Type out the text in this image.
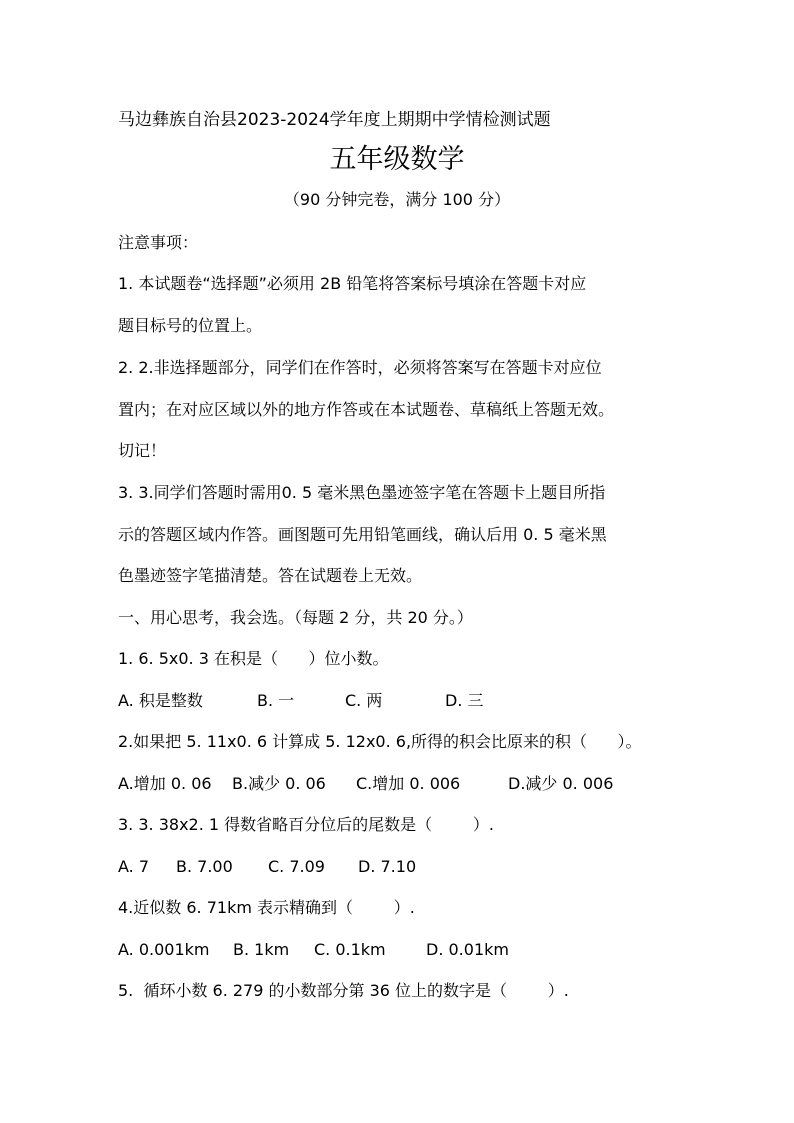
马边彝族自治县2023-2024学年度上期期中学情检测试题
五年级数学
（90 分钟完卷，满分 100 分）
注意事项：
1. 本试题卷“选择题”必须用 2B 铅笔将答案标号填涂在答题卡对应
题目标号的位置上。
2. 2.非选择题部分，同学们在作答时，必须将答案写在答题卡对应位
置内；在对应区域以外的地方作答或在本试题卷、草稿纸上答题无效。
切记！
3. 3.同学们答题时需用0. 5 毫米黑色墨迹签字笔在答题卡上题目所指
示的答题区域内作答。画图题可先用铅笔画线，确认后用 0. 5 毫米黑
色墨迹签字笔描清楚。答在试题卷上无效。
一、用心思考，我会选。（每题 2 分，共 20 分。）
1. 6. 5x0. 3 在积是（      ）位小数。

A. 积是整数

	B. 一

	C. 两

	D. 三

2.如果把 5. 11x0. 6 计算成 5. 12x0. 6,所得的积会比原来的积（      ）。

A.增加 0. 06

B.减少 0. 06

C.增加 0. 006

	D.减少 0. 006

3. 3. 38x2. 1 得数省略百分位后的尾数是（        ）.

A. 7

B. 7.00

C. 7.09

D. 7.10

4.近似数 6. 71km 表示精确到（        ）.

A. 0.001km

B. 1km

C. 0.1km

	D. 0.01km

5.  循环小数 6. 279 的小数部分第 36 位上的数字是（        ）.
